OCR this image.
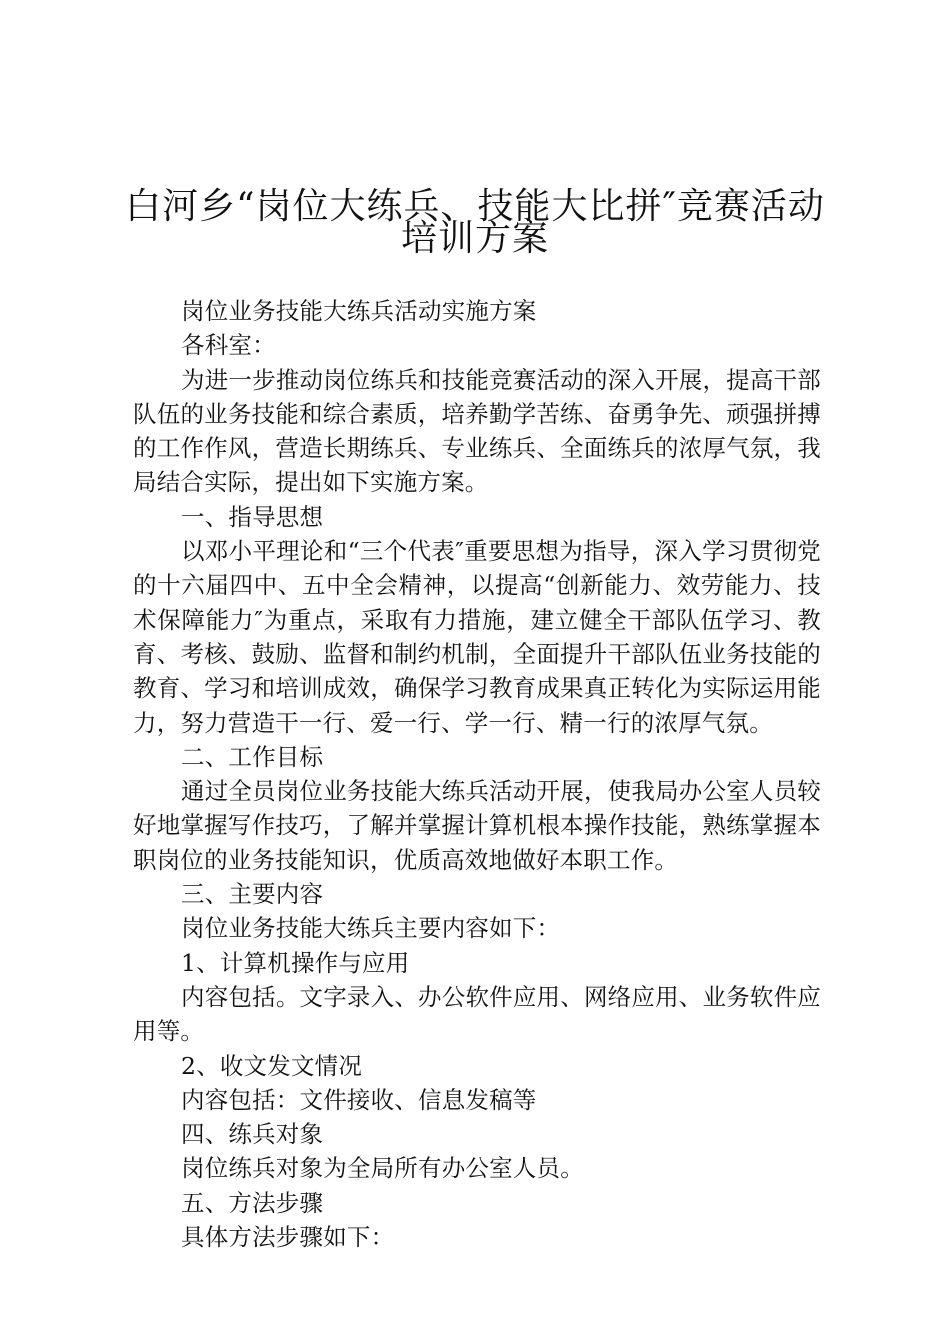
白河乡“岗位大练兵、技能大比拼″竞赛活动
培训方案

岗位业务技能大练兵活动实施方案

各科室：

为进一步推动岗位练兵和技能竞赛活动的深入开展，提高干部队伍的业务技能和综合素质，培养勤学苦练、奋勇争先、顽强拼搏的工作作风，营造长期练兵、专业练兵、全面练兵的浓厚气氛，我局结合实际，提出如下实施方案。

一、指导思想

以邓小平理论和“三个代表″重要思想为指导，深入学习贯彻党的十六届四中、五中全会精神，以提高“创新能力、效劳能力、技术保障能力″为重点，采取有力措施，建立健全干部队伍学习、教育、考核、鼓励、监督和制约机制，全面提升干部队伍业务技能的教育、学习和培训成效，确保学习教育成果真正转化为实际运用能力，努力营造干一行、爱一行、学一行、精一行的浓厚气氛。

二、工作目标

通过全员岗位业务技能大练兵活动开展，使我局办公室人员较好地掌握写作技巧，了解并掌握计算机根本操作技能，熟练掌握本职岗位的业务技能知识，优质高效地做好本职工作。

三、主要内容

岗位业务技能大练兵主要内容如下：

1、计算机操作与应用

内容包括。文字录入、办公软件应用、网络应用、业务软件应用等。

2、收文发文情况

内容包括：文件接收、信息发稿等

四、练兵对象

岗位练兵对象为全局所有办公室人员。

五、方法步骤

具体方法步骤如下：
